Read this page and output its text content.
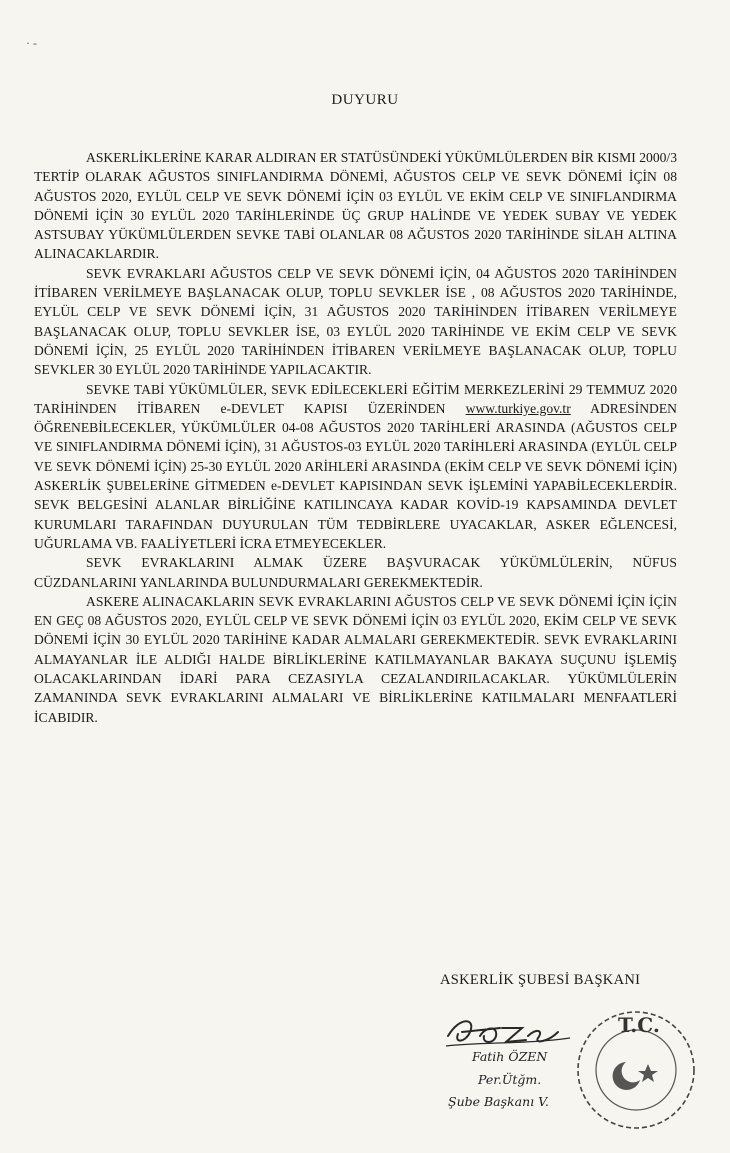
· -
DUYURU

ASKERLİKLERİNE KARAR ALDIRAN ER STATÜSÜNDEKİ YÜKÜMLÜLERDEN BİR KISMI 2000/3 TERTİP OLARAK AĞUSTOS SINIFLANDIRMA DÖNEMİ, AĞUSTOS CELP VE SEVK DÖNEMİ İÇİN 08 AĞUSTOS 2020, EYLÜL CELP VE SEVK DÖNEMİ İÇİN 03 EYLÜL VE EKİM CELP VE SINIFLANDIRMA DÖNEMİ İÇİN 30 EYLÜL 2020 TARİHLERİNDE ÜÇ GRUP HALİNDE VE YEDEK SUBAY VE YEDEK ASTSUBAY YÜKÜMLÜLERDEN SEVKE TABİ OLANLAR 08 AĞUSTOS 2020 TARİHİNDE SİLAH ALTINA ALINACAKLARDIR.

SEVK EVRAKLARI AĞUSTOS CELP VE SEVK DÖNEMİ İÇİN, 04 AĞUSTOS 2020 TARİHİNDEN İTİBAREN VERİLMEYE BAŞLANACAK OLUP, TOPLU SEVKLER İSE , 08 AĞUSTOS 2020 TARİHİNDE, EYLÜL CELP VE SEVK DÖNEMİ İÇİN, 31 AĞUSTOS 2020 TARİHİNDEN İTİBAREN VERİLMEYE BAŞLANACAK OLUP, TOPLU SEVKLER İSE, 03 EYLÜL 2020 TARİHİNDE VE EKİM CELP VE SEVK DÖNEMİ İÇİN, 25 EYLÜL 2020 TARİHİNDEN İTİBAREN VERİLMEYE BAŞLANACAK OLUP, TOPLU SEVKLER 30 EYLÜL 2020 TARİHİNDE YAPILACAKTIR.

SEVKE TABİ YÜKÜMLÜLER, SEVK EDİLECEKLERİ EĞİTİM MERKEZLERİNİ 29 TEMMUZ 2020 TARİHİNDEN İTİBAREN e-DEVLET KAPISI ÜZERİNDEN www.turkiye.gov.tr ADRESİNDEN ÖĞRENEBİLECEKLER, YÜKÜMLÜLER 04-08 AĞUSTOS 2020 TARİHLERİ ARASINDA (AĞUSTOS CELP VE SINIFLANDIRMA DÖNEMİ İÇİN), 31 AĞUSTOS-03 EYLÜL 2020 TARİHLERİ ARASINDA (EYLÜL CELP VE SEVK DÖNEMİ İÇİN) 25-30 EYLÜL 2020 ARİHLERİ ARASINDA (EKİM CELP VE SEVK DÖNEMİ İÇİN) ASKERLİK ŞUBELERİNE GİTMEDEN e-DEVLET KAPISINDAN SEVK İŞLEMİNİ YAPABİLECEKLERDİR. SEVK BELGESİNİ ALANLAR BİRLİĞİNE KATILINCAYA KADAR KOVİD-19 KAPSAMINDA DEVLET KURUMLARI TARAFINDAN DUYURULAN TÜM TEDBİRLERE UYACAKLAR, ASKER EĞLENCESİ, UĞURLAMA VB. FAALİYETLERİ İCRA ETMEYECEKLER.

SEVK EVRAKLARINI ALMAK ÜZERE BAŞVURACAK YÜKÜMLÜLERİN, NÜFUS CÜZDANLARINI YANLARINDA BULUNDURMALARI GEREKMEKTEDİR.

ASKERE ALINACAKLARIN SEVK EVRAKLARINI AĞUSTOS CELP VE SEVK DÖNEMİ İÇİN İÇİN EN GEÇ 08 AĞUSTOS 2020, EYLÜL CELP VE SEVK DÖNEMİ İÇİN 03 EYLÜL 2020, EKİM CELP VE SEVK DÖNEMİ İÇİN 30 EYLÜL 2020 TARİHİNE KADAR ALMALARI GEREKMEKTEDİR. SEVK EVRAKLARINI ALMAYANLAR İLE ALDIĞI HALDE BİRLİKLERİNE KATILMAYANLAR BAKAYA SUÇUNU İŞLEMİŞ OLACAKLARINDAN İDARİ PARA CEZASIYLA CEZALANDIRILACAKLAR. YÜKÜMLÜLERİN ZAMANINDA SEVK EVRAKLARINI ALMALARI VE BİRLİKLERİNE KATILMALARI MENFAATLERİ İCABIDIR.

ASKERLİK ŞUBESİ BAŞKANI
T.C.
Fatih ÖZEN
Per.Ütğm.
Şube Başkanı V.
